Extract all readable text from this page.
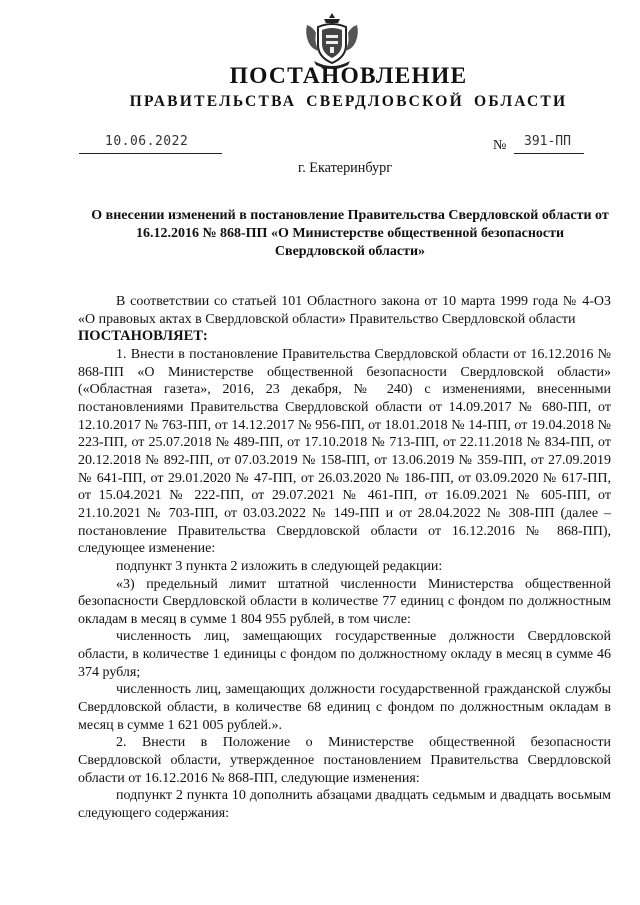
ПОСТАНОВЛЕНИЕ
ПРАВИТЕЛЬСТВА СВЕРДЛОВСКОЙ ОБЛАСТИ
10.06.2022	№	391-ПП
г. Екатеринбург
О внесении изменений в постановление Правительства Свердловской области от 16.12.2016 № 868-ПП «О Министерстве общественной безопасности Свердловской области»

В соответствии со статьей 101 Областного закона от 10 марта 1999 года № 4-ОЗ «О правовых актах в Свердловской области» Правительство Свердловской области

ПОСТАНОВЛЯЕТ:

1. Внести в постановление Правительства Свердловской области от 16.12.2016 № 868-ПП «О Министерстве общественной безопасности Свердловской области» («Областная газета», 2016, 23 декабря, № 240) с изменениями, внесенными постановлениями Правительства Свердловской области от 14.09.2017 № 680-ПП, от 12.10.2017 № 763-ПП, от 14.12.2017 № 956-ПП, от 18.01.2018 № 14-ПП, от 19.04.2018 № 223-ПП, от 25.07.2018 № 489-ПП, от 17.10.2018 № 713-ПП, от 22.11.2018 № 834-ПП, от 20.12.2018 № 892-ПП, от 07.03.2019 № 158-ПП, от 13.06.2019 № 359-ПП, от 27.09.2019 № 641-ПП, от 29.01.2020 № 47-ПП, от 26.03.2020 № 186-ПП, от 03.09.2020 № 617-ПП, от 15.04.2021 № 222-ПП, от 29.07.2021 № 461-ПП, от 16.09.2021 № 605-ПП, от 21.10.2021 № 703-ПП, от 03.03.2022 № 149-ПП и от 28.04.2022 № 308-ПП (далее – постановление Правительства Свердловской области от 16.12.2016 № 868-ПП), следующее изменение:

подпункт 3 пункта 2 изложить в следующей редакции:

«3) предельный лимит штатной численности Министерства общественной безопасности Свердловской области в количестве 77 единиц с фондом по должностным окладам в месяц в сумме 1 804 955 рублей, в том числе:

численность лиц, замещающих государственные должности Свердловской области, в количестве 1 единицы с фондом по должностному окладу в месяц в сумме 46 374 рубля;

численность лиц, замещающих должности государственной гражданской службы Свердловской области, в количестве 68 единиц с фондом по должностным окладам в месяц в сумме 1 621 005 рублей.».

2. Внести в Положение о Министерстве общественной безопасности Свердловской области, утвержденное постановлением Правительства Свердловской области от 16.12.2016 № 868-ПП, следующие изменения:

подпункт 2 пункта 10 дополнить абзацами двадцать седьмым и двадцать восьмым следующего содержания:
